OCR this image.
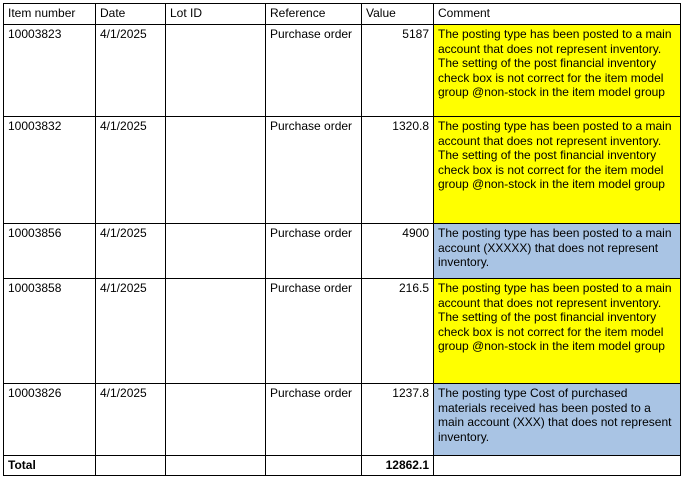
Item number	Date	Lot ID	Reference	Value	Comment
10003823	4/1/2025		Purchase order	5187	The posting type has been posted to a main account that does not represent inventory. The setting of the post financial inventory check box is not correct for the item model group @non-stock in the item model group
10003832	4/1/2025		Purchase order	1320.8	The posting type has been posted to a main account that does not represent inventory. The setting of the post financial inventory check box is not correct for the item model group @non-stock in the item model group
10003856	4/1/2025		Purchase order	4900	The posting type has been posted to a main account (XXXXX) that does not represent inventory.
10003858	4/1/2025		Purchase order	216.5	The posting type has been posted to a main account that does not represent inventory. The setting of the post financial inventory check box is not correct for the item model group @non-stock in the item model group
10003826	4/1/2025		Purchase order	1237.8	The posting type Cost of purchased materials received has been posted to a main account (XXX) that does not represent inventory.
Total				12862.1	
